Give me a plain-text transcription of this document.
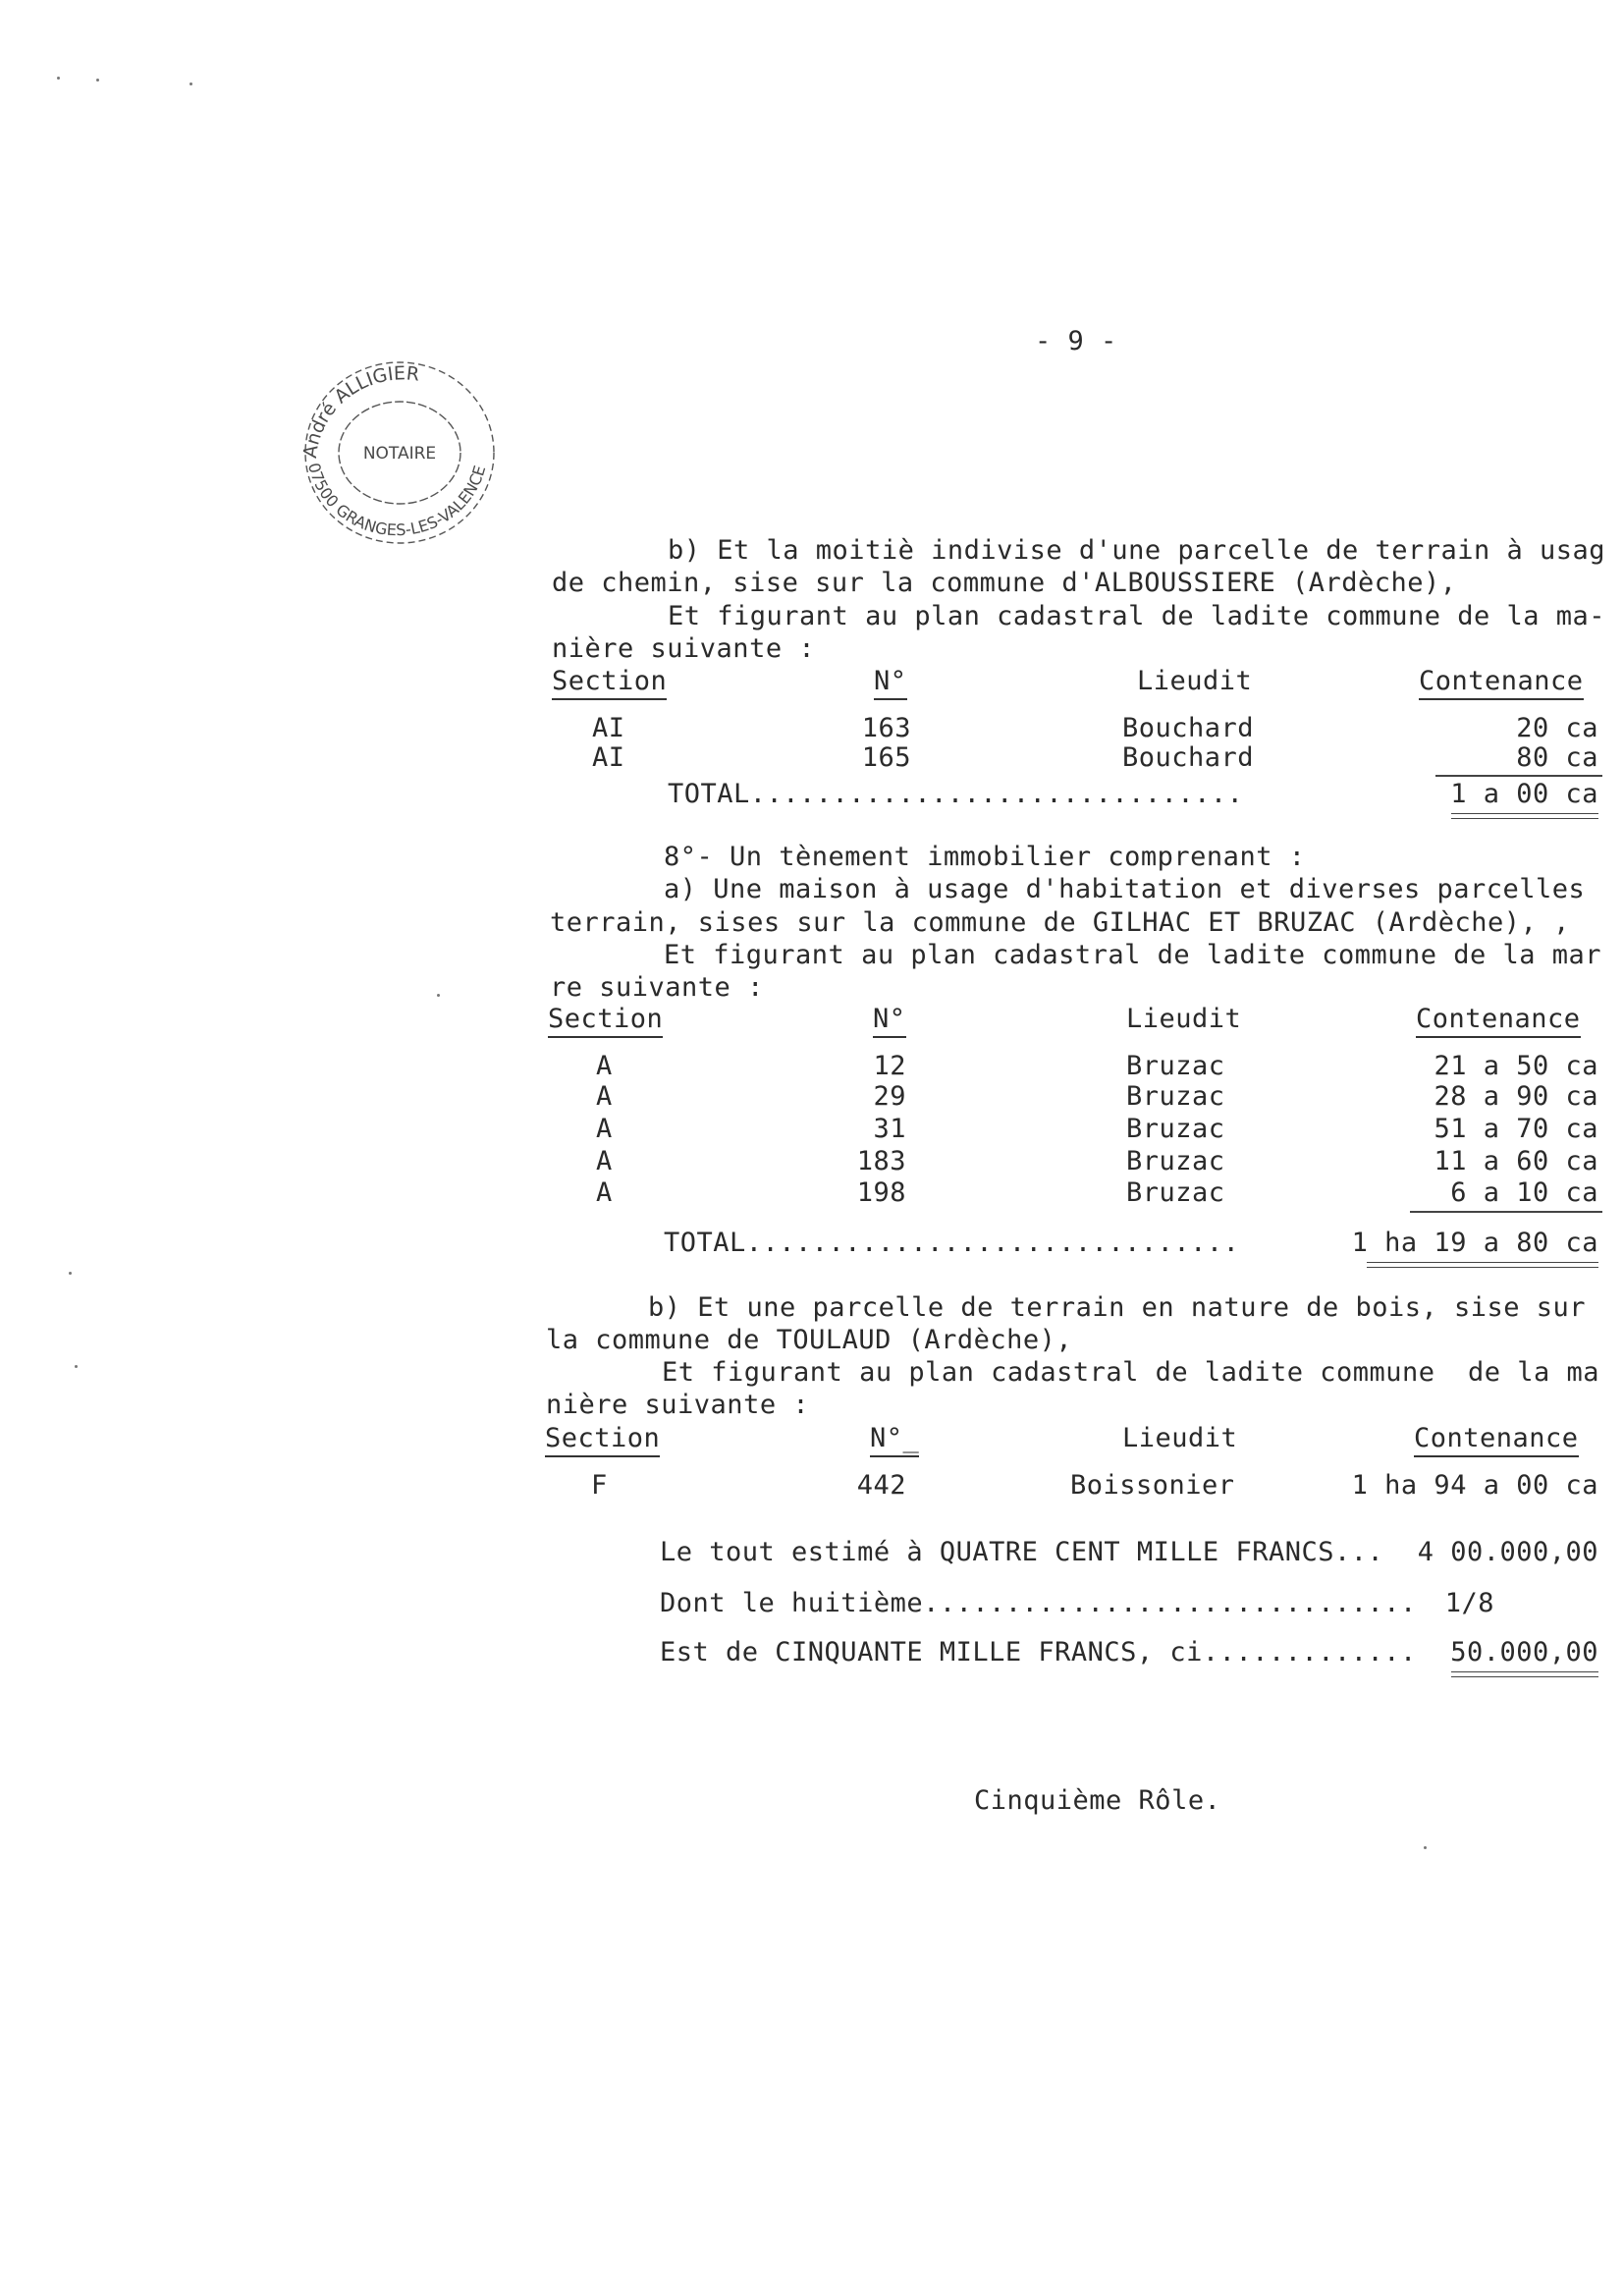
- 9 -
André ALLIGIER
NOTAIRE
07500 GRANGES-LES-VALENCE
b) Et la moitiè indivise d'une parcelle de terrain à usag
de chemin, sise sur la commune d'ALBOUSSIERE (Ardèche),
Et figurant au plan cadastral de ladite commune de la ma-
nière suivante :
Section	N°	Lieudit	Contenance
AI	163	Bouchard	20 ca
AI	165	Bouchard	80 ca
TOTAL..............................	1 a 00 ca
8°- Un tènement immobilier comprenant :
a) Une maison à usage d'habitation et diverses parcelles
terrain, sises sur la commune de GILHAC ET BRUZAC (Ardèche), ,
Et figurant au plan cadastral de ladite commune de la mar
re suivante :
Section	N°	Lieudit	Contenance
A	12	Bruzac	21 a 50 ca
A	29	Bruzac	28 a 90 ca
A	31	Bruzac	51 a 70 ca
A	183	Bruzac	11 a 60 ca
A	198	Bruzac	6 a 10 ca
TOTAL..............................	1 ha 19 a 80 ca
b) Et une parcelle de terrain en nature de bois, sise sur
la commune de TOULAUD (Ardèche),
Et figurant au plan cadastral de ladite commune  de la ma
nière suivante :
Section	N°_	Lieudit	Contenance
F	442	Boissonier	1 ha 94 a 00 ca
Le tout estimé à QUATRE CENT MILLE FRANCS...	4 00.000,00
Dont le huitième..............................	1/8
Est de CINQUANTE MILLE FRANCS, ci.............	50.000,00
Cinquième Rôle.
